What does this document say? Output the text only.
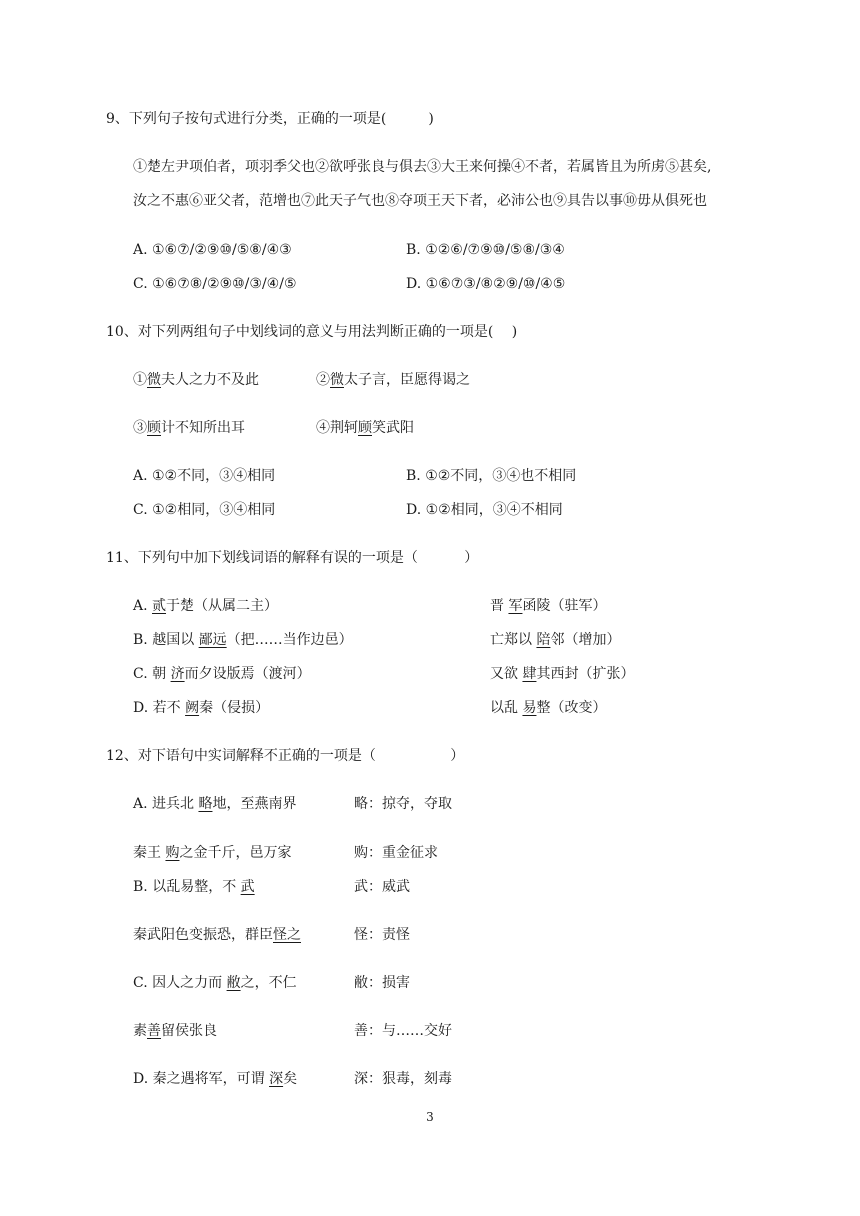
9、下列句子按句式进行分类，正确的一项是(　　　)
①楚左尹项伯者，项羽季父也②欲呼张良与俱去③大王来何操④不者，若属皆且为所虏⑤甚矣,
汝之不惠⑥亚父者，范增也⑦此天子气也⑧夺项王天下者，必沛公也⑨具告以事⑩毋从俱死也
A. ①⑥⑦/②⑨⑩/⑤⑧/④③	B. ①②⑥/⑦⑨⑩/⑤⑧/③④
C. ①⑥⑦⑧/②⑨⑩/③/④/⑤	D. ①⑥⑦③/⑧②⑨/⑩/④⑤
10、对下列两组句子中划线词的意义与用法判断正确的一项是(　 )
①微夫人之力不及此	②微太子言，臣愿得谒之
③顾计不知所出耳	④荆轲顾笑武阳
A. ①②不同，③④相同	B. ①②不同，③④也不相同
C. ①②相同，③④相同	D. ①②相同，③④不相同
11、下列句中加下划线词语的解释有误的一项是（　　　 ）
A. 贰于楚（从属二主）	晋 军函陵（驻军）
B. 越国以 鄙远（把……当作边邑）	亡郑以 陪邻（增加）
C. 朝 济而夕设版焉（渡河）	又欲 肆其西封（扩张）
D. 若不 阙秦（侵损）	以乱 易整（改变）
12、对下语句中实词解释不正确的一项是（　　　　　 ）
A. 进兵北 略地，至燕南界	略：掠夺，夺取
秦王 购之金千斤，邑万家	购：重金征求
B. 以乱易整，不 武	武：威武
秦武阳色变振恐，群臣怪之	怪：责怪
C. 因人之力而 敝之，不仁	敝：损害
素善留侯张良	善：与……交好
D. 秦之遇将军，可谓 深矣	深：狠毒，刻毒
3
